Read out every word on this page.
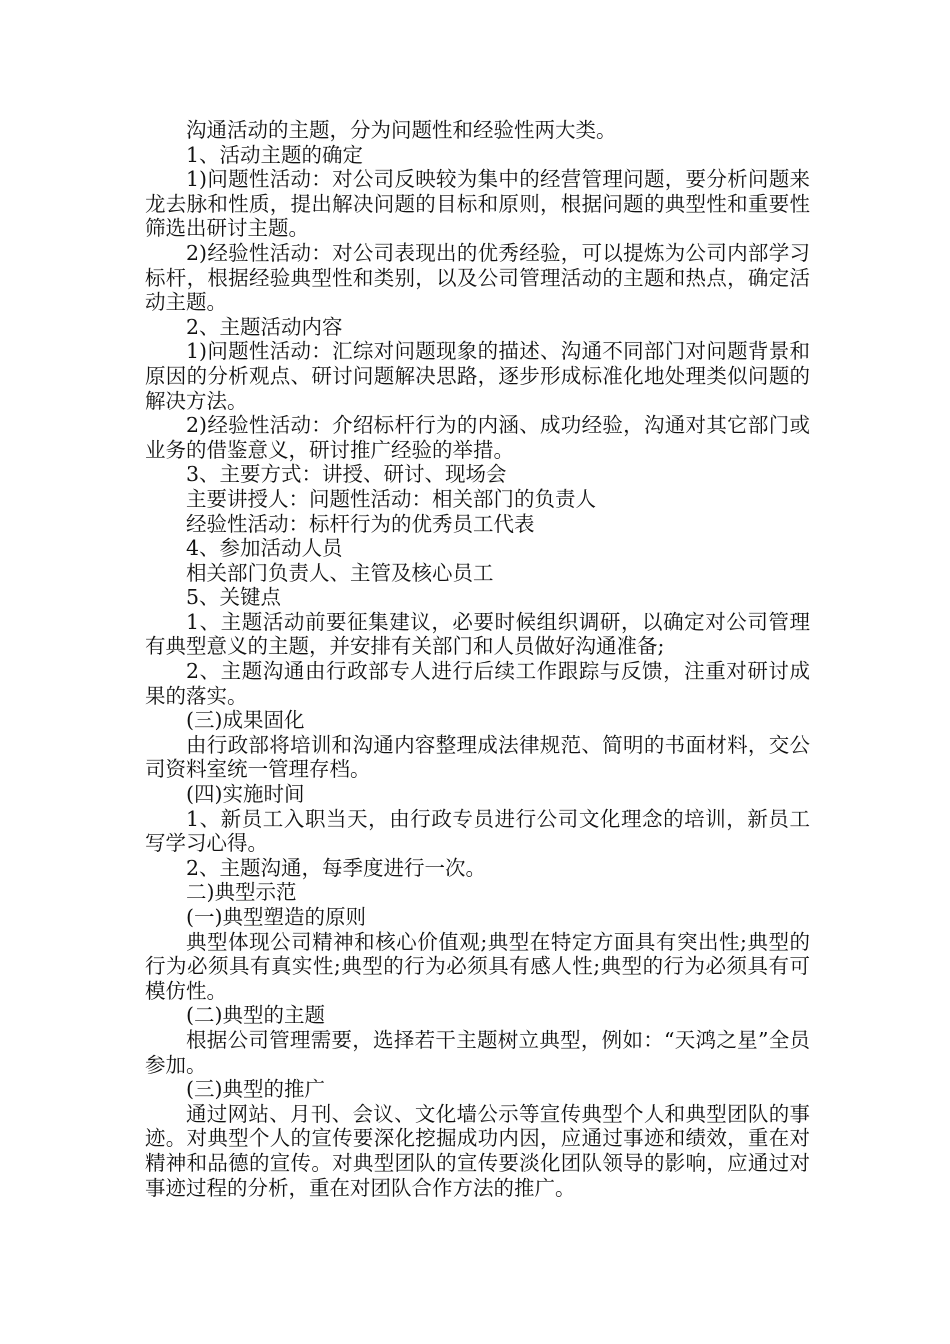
沟通活动的主题，分为问题性和经验性两大类。

1、活动主题的确定

1)问题性活动：对公司反映较为集中的经营管理问题，要分析问题来龙去脉和性质，提出解决问题的目标和原则，根据问题的典型性和重要性筛选出研讨主题。

2)经验性活动：对公司表现出的优秀经验，可以提炼为公司内部学习标杆，根据经验典型性和类别，以及公司管理活动的主题和热点，确定活动主题。

2、主题活动内容

1)问题性活动：汇综对问题现象的描述、沟通不同部门对问题背景和原因的分析观点、研讨问题解决思路，逐步形成标准化地处理类似问题的解决方法。

2)经验性活动：介绍标杆行为的内涵、成功经验，沟通对其它部门或业务的借鉴意义，研讨推广经验的举措。

3、主要方式：讲授、研讨、现场会

主要讲授人：问题性活动：相关部门的负责人

经验性活动：标杆行为的优秀员工代表

4、参加活动人员

相关部门负责人、主管及核心员工

5、关键点

1、主题活动前要征集建议，必要时候组织调研，以确定对公司管理有典型意义的主题，并安排有关部门和人员做好沟通准备;

2、主题沟通由行政部专人进行后续工作跟踪与反馈，注重对研讨成果的落实。

(三)成果固化

由行政部将培训和沟通内容整理成法律规范、简明的书面材料，交公司资料室统一管理存档。

(四)实施时间

1、新员工入职当天，由行政专员进行公司文化理念的培训，新员工写学习心得。

2、主题沟通，每季度进行一次。

二)典型示范

(一)典型塑造的原则

典型体现公司精神和核心价值观;典型在特定方面具有突出性;典型的行为必须具有真实性;典型的行为必须具有感人性;典型的行为必须具有可模仿性。

(二)典型的主题

根据公司管理需要，选择若干主题树立典型，例如：“天鸿之星”全员参加。

(三)典型的推广

通过网站、月刊、会议、文化墙公示等宣传典型个人和典型团队的事迹。对典型个人的宣传要深化挖掘成功内因，应通过事迹和绩效，重在对精神和品德的宣传。对典型团队的宣传要淡化团队领导的影响，应通过对事迹过程的分析，重在对团队合作方法的推广。
